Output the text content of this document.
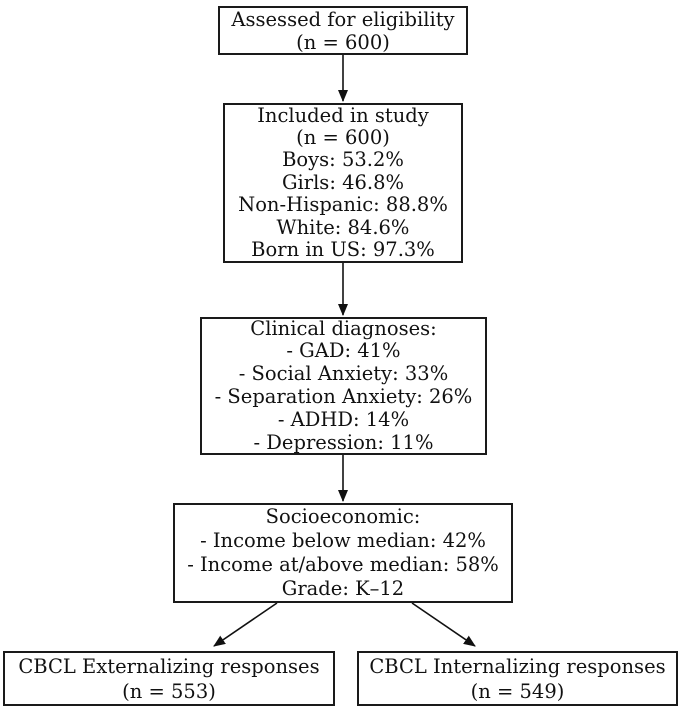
Assessed for eligibility
(n = 600)
Included in study
(n = 600)
Boys: 53.2%
Girls: 46.8%
Non-Hispanic: 88.8%
White: 84.6%
Born in US: 97.3%
Clinical diagnoses:
- GAD: 41%
- Social Anxiety: 33%
- Separation Anxiety: 26%
- ADHD: 14%
- Depression: 11%
Socioeconomic:
- Income below median: 42%
- Income at/above median: 58%
Grade: K–12
CBCL Externalizing responses
(n = 553)
CBCL Internalizing responses
(n = 549)
